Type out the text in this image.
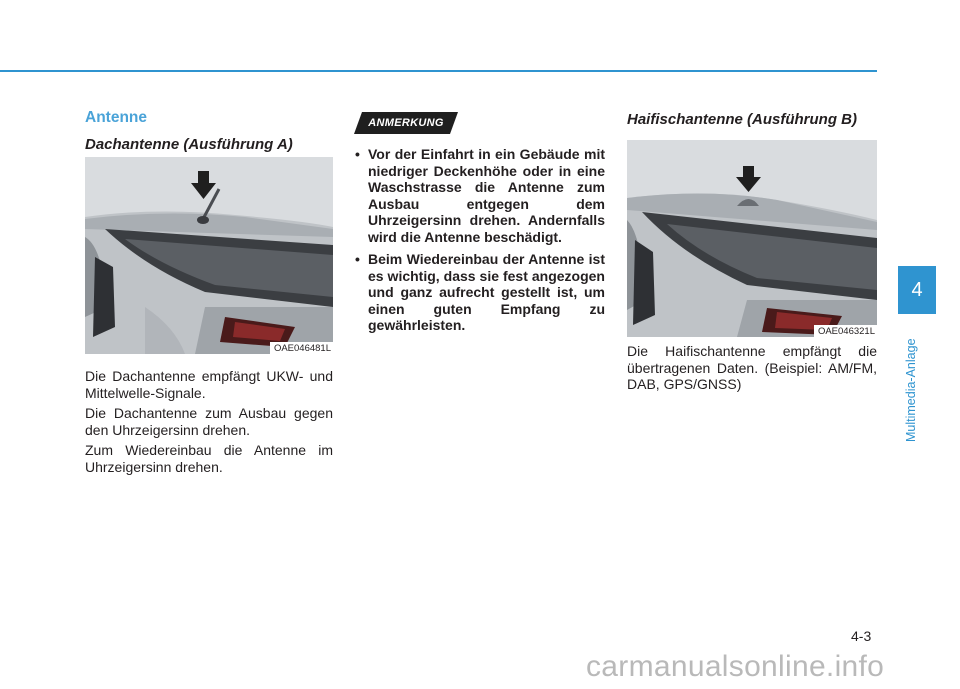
Antenne
Dachantenne (Ausführung A)
OAE046481L

Die Dachantenne empfängt UKW- und Mittelwelle-Signale.

Die Dachantenne zum Ausbau gegen den Uhrzeigersinn drehen.

Zum Wiedereinbau die Antenne im Uhrzeigersinn drehen.

ANMERKUNG
• Vor der Einfahrt in ein Gebäude mit niedriger Deckenhöhe oder in eine Waschstrasse die Antenne zum Ausbau entgegen dem Uhrzeigersinn drehen. Andernfalls wird die Antenne beschädigt.
• Beim Wiedereinbau der Antenne ist es wichtig, dass sie fest angezogen und ganz aufrecht gestellt ist, um einen guten Empfang zu gewährleisten.
Haifischantenne (Ausführung B)
OAE046321L

Die Haifischantenne empfängt die übertragenen Daten. (Beispiel: AM/FM, DAB, GPS/GNSS)

4
Multimedia-Anlage
4-3
carmanualsonline.info
